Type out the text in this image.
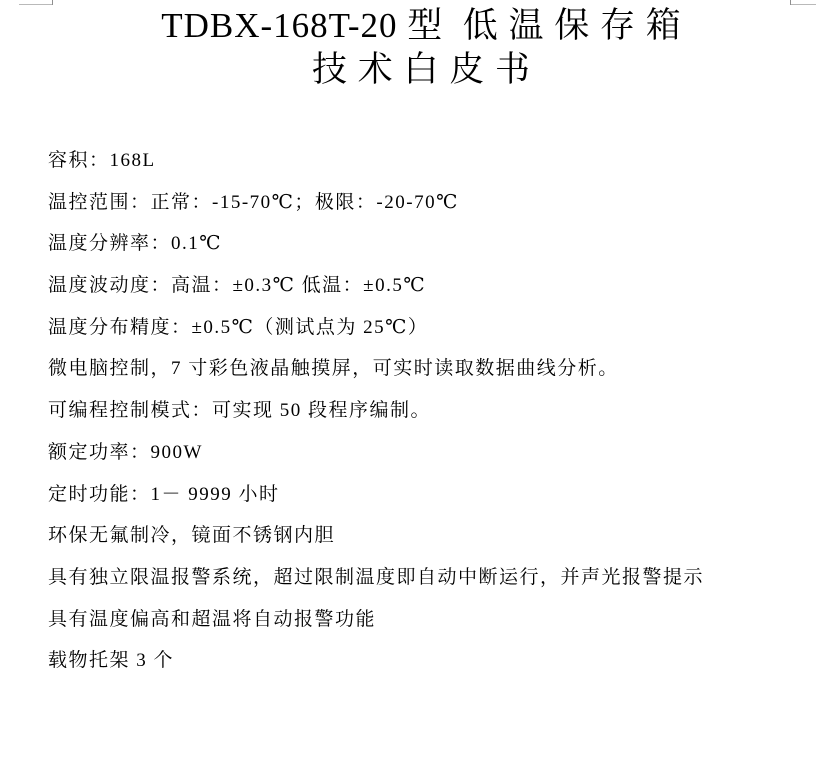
TDBX-168T-20 型  低 温 保 存 箱
技 术 白 皮 书

容积：168L

温控范围：正常：-15-70℃；极限：-20-70℃

温度分辨率：0.1℃

温度波动度：高温：±0.3℃ 低温：±0.5℃

温度分布精度：±0.5℃（测试点为 25℃）

微电脑控制，7 寸彩色液晶触摸屏，可实时读取数据曲线分析。

可编程控制模式：可实现 50 段程序编制。

额定功率：900W

定时功能：1－ 9999 小时

环保无氟制冷，镜面不锈钢内胆

具有独立限温报警系统，超过限制温度即自动中断运行，并声光报警提示

具有温度偏高和超温将自动报警功能

载物托架 3 个
